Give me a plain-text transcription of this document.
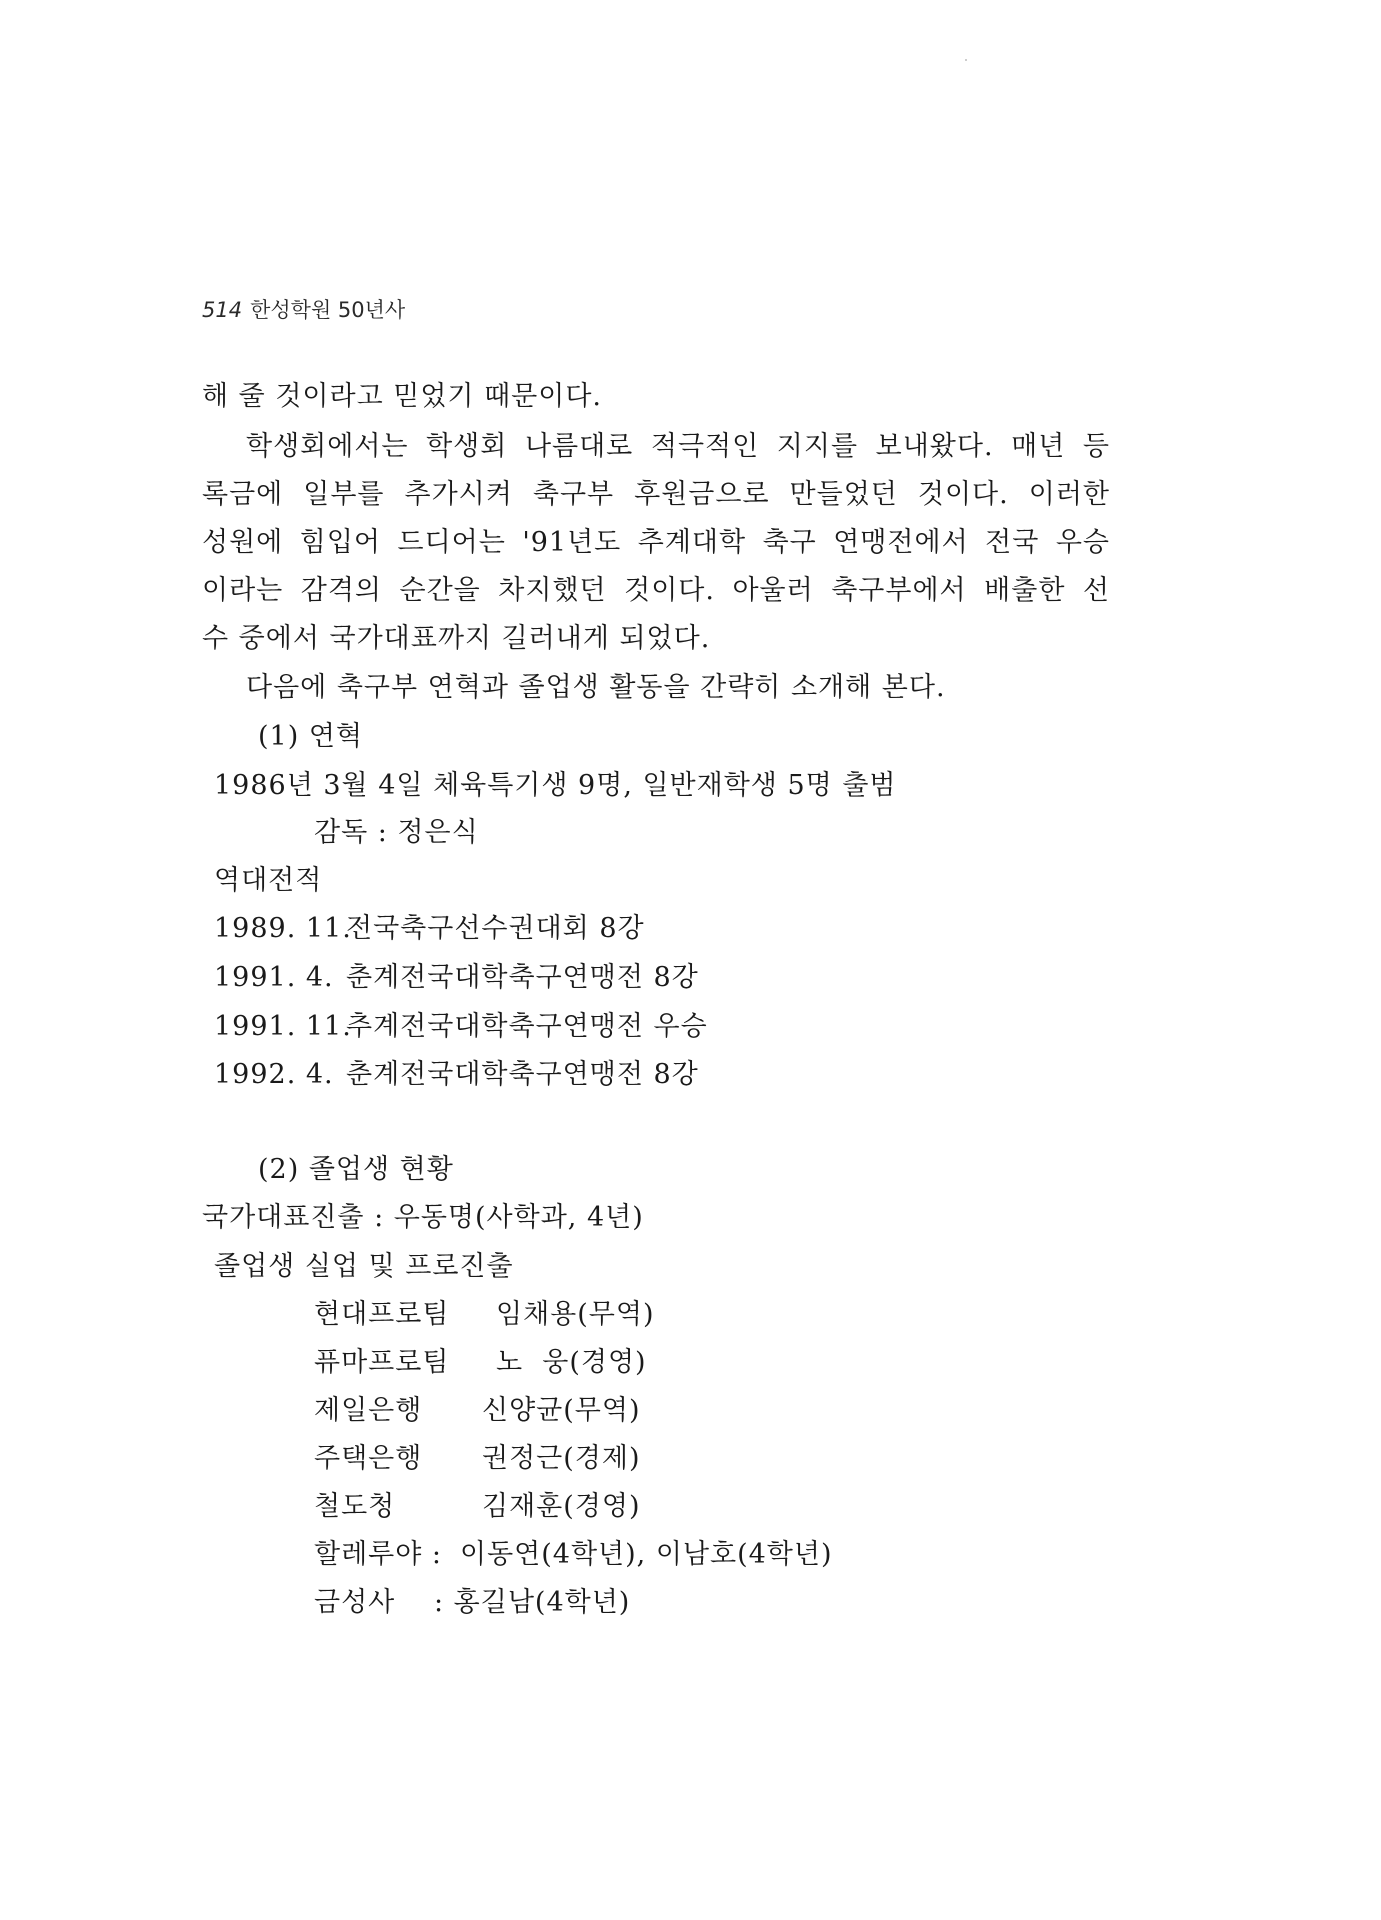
514 한성학원 50년사
해 줄 것이라고 믿었기 때문이다.
학생회에서는 학생회 나름대로 적극적인 지지를 보내왔다. 매년 등
록금에 일부를 추가시켜 축구부 후원금으로 만들었던 것이다. 이러한
성원에 힘입어 드디어는 '91년도 추계대학 축구 연맹전에서 전국 우승
이라는 감격의 순간을 차지했던 것이다. 아울러 축구부에서 배출한 선
수 중에서 국가대표까지 길러내게 되었다.
다음에 축구부 연혁과 졸업생 활동을 간략히 소개해 본다.
(1) 연혁
1986년 3월 4일 체육특기생 9명, 일반재학생 5명 출범
감독 : 정은식
역대전적
1989. 11.전국축구선수권대회 8강
1991. 4. 춘계전국대학축구연맹전 8강
1991. 11.추계전국대학축구연맹전 우승
1992. 4. 춘계전국대학축구연맹전 8강
(2) 졸업생 현황
국가대표진출 : 우동명(사학과, 4년)
졸업생 실업 및 프로진출
현대프로팀 임채용(무역)
퓨마프로팀 노  웅(경영)
제일은행 신양균(무역)
주택은행 권정근(경제)
철도청	김재훈(경영)
할레루야 : 이동연(4학년), 이남호(4학년)
금성사 : 홍길남(4학년)
